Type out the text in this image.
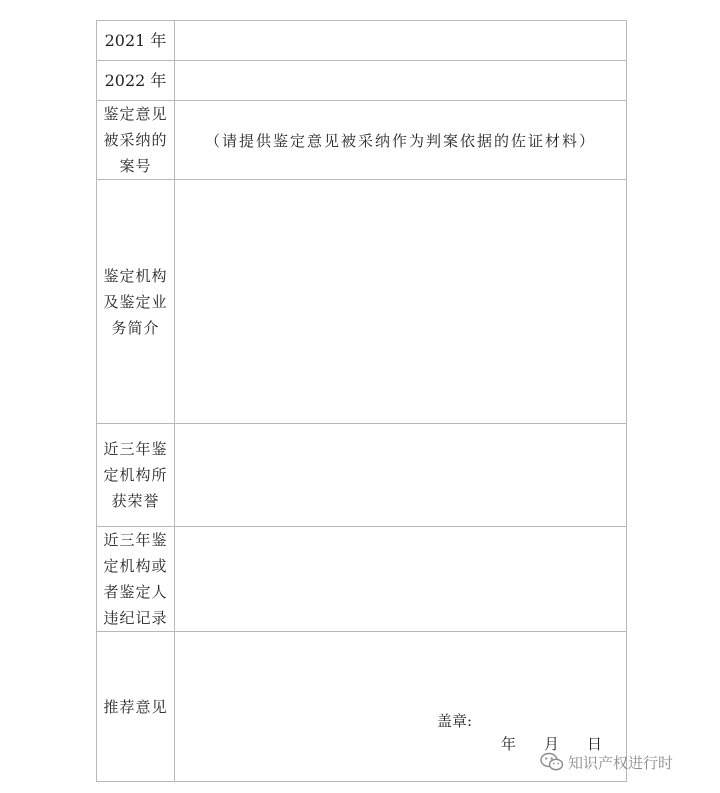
2021 年	
2022 年	

鉴定意见
被采纳的
案号	（请提供鉴定意见被采纳作为判案依据的佐证材料）

鉴定机构
及鉴定业
务简介	

近三年鉴
定机构所
获荣誉	

近三年鉴
定机构或
者鉴定人
违纪记录	

推荐意见	盖章:
年 月 日
知识产权进行时
